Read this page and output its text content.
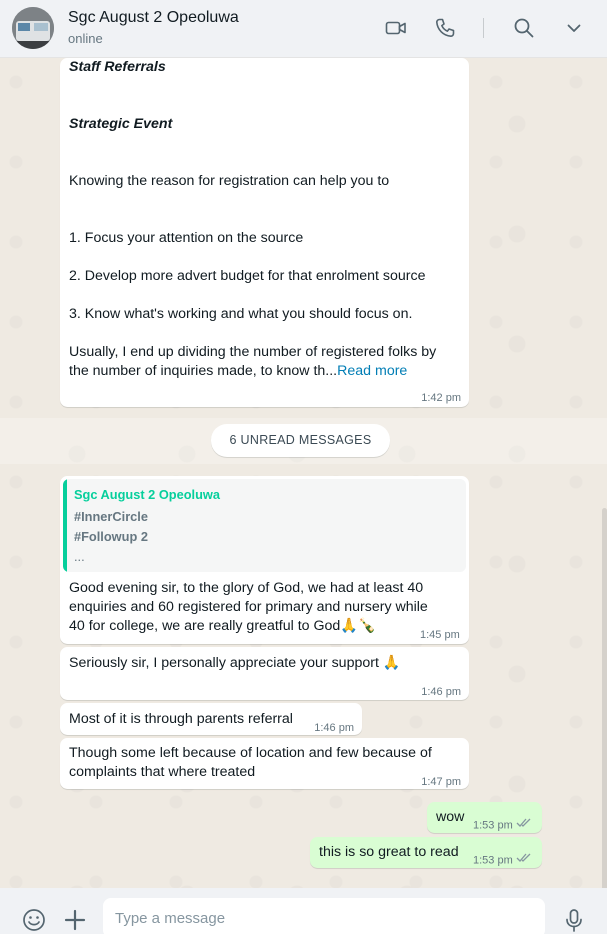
Sgc August 2 Opeoluwa
online
Staff Referrals
Strategic Event
Knowing the reason for registration can help you to
1. Focus your attention on the source
2. Develop more advert budget for that enrolment source
3. Know what's working and what you should focus on.
Usually, I end up dividing the number of registered folks by
the number of inquiries made, to know th...Read more
1:42 pm
6 UNREAD MESSAGES
Sgc August 2 Opeoluwa
#InnerCircle
#Followup 2
...
Good evening sir, to the glory of God, we had at least 40
enquiries and 60 registered for primary and nursery while
40 for college, we are really greatful to God🙏🍾
1:45 pm
Seriously sir, I personally appreciate your support 🙏
1:46 pm
Most of it is through parents referral
1:46 pm
Though some left because of location and few because of
complaints that where treated
1:47 pm
wow
1:53 pm
this is so great to read
1:53 pm
Type a message
